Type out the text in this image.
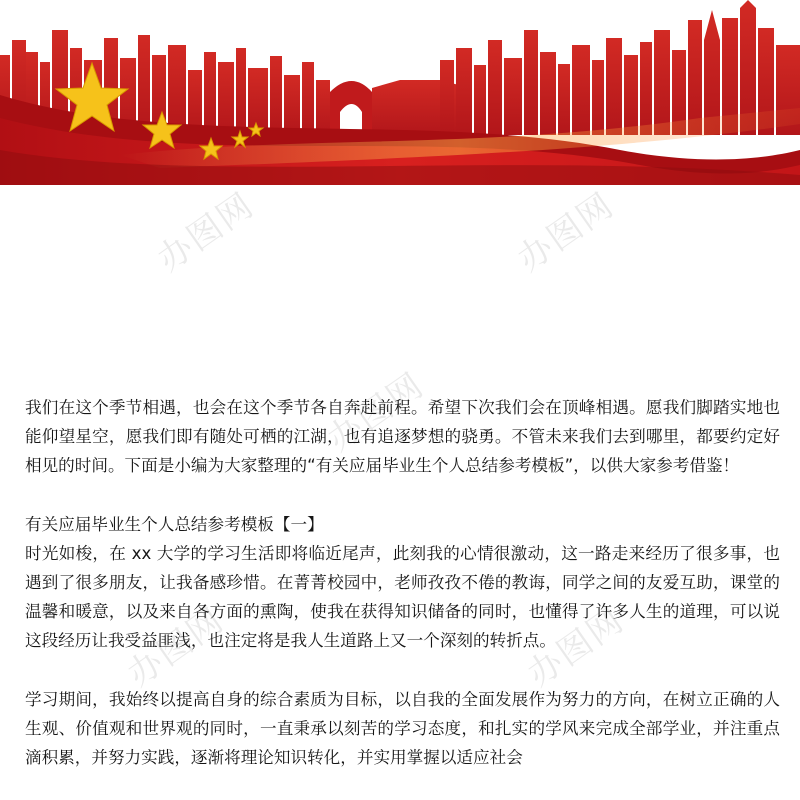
办图网	办图网
办图网
办图网	办图网

我们在这个季节相遇，也会在这个季节各自奔赴前程。希望下次我们会在顶峰相遇。愿我们脚踏实地也能仰望星空，愿我们即有随处可栖的江湖，也有追逐梦想的骁勇。不管未来我们去到哪里，都要约定好相见的时间。下面是小编为大家整理的“有关应届毕业生个人总结参考模板”，以供大家参考借鉴！

有关应届毕业生个人总结参考模板【一】

时光如梭，在 xx 大学的学习生活即将临近尾声，此刻我的心情很激动，这一路走来经历了很多事，也遇到了很多朋友，让我备感珍惜。在菁菁校园中，老师孜孜不倦的教诲，同学之间的友爱互助，课堂的温馨和暖意，以及来自各方面的熏陶，使我在获得知识储备的同时，也懂得了许多人生的道理，可以说这段经历让我受益匪浅，也注定将是我人生道路上又一个深刻的转折点。

学习期间，我始终以提高自身的综合素质为目标，以自我的全面发展作为努力的方向，在树立正确的人生观、价值观和世界观的同时，一直秉承以刻苦的学习态度，和扎实的学风来完成全部学业，并注重点滴积累，并努力实践，逐渐将理论知识转化，并实用掌握以适应社会
